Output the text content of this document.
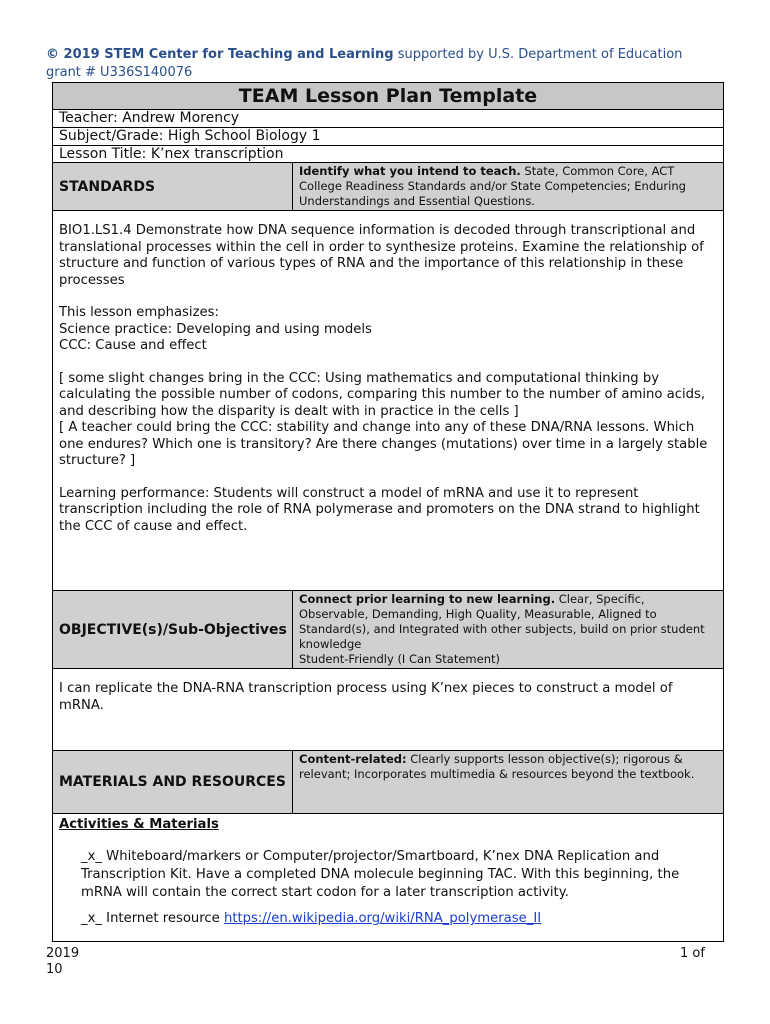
© 2019 STEM Center for Teaching and Learning supported by U.S. Department of Education grant # U336S140076
TEAM Lesson Plan Template
Teacher: Andrew Morency
Subject/Grade: High School Biology 1
Lesson Title: K’nex transcription
STANDARDS
Identify what you intend to teach. State, Common Core, ACT College Readiness Standards and/or State Competencies; Enduring Understandings and Essential Questions.

BIO1.LS1.4 Demonstrate how DNA sequence information is decoded through transcriptional and translational processes within the cell in order to synthesize proteins. Examine the relationship of structure and function of various types of RNA and the importance of this relationship in these processes

This lesson emphasizes:
Science practice: Developing and using models
CCC: Cause and effect

[ some slight changes bring in the CCC: Using mathematics and computational thinking by calculating the possible number of codons, comparing this number to the number of amino acids, and describing how the disparity is dealt with in practice in the cells ]
[ A teacher could bring the CCC: stability and change into any of these DNA/RNA lessons. Which one endures? Which one is transitory? Are there changes (mutations) over time in a largely stable structure? ]

Learning performance: Students will construct a model of mRNA and use it to represent transcription including the role of RNA polymerase and promoters on the DNA strand to highlight the CCC of cause and effect.

OBJECTIVE(s)/Sub-Objectives
Connect prior learning to new learning. Clear, Specific, Observable, Demanding, High Quality, Measurable, Aligned to Standard(s), and Integrated with other subjects, build on prior student knowledge
Student-Friendly (I Can Statement)
I can replicate the DNA-RNA transcription process using K’nex pieces to construct a model of mRNA.
MATERIALS AND RESOURCES
Content-related: Clearly supports lesson objective(s); rigorous & relevant; Incorporates multimedia & resources beyond the textbook.

Activities & Materials

_x_ Whiteboard/markers or Computer/projector/Smartboard, K’nex DNA Replication and Transcription Kit. Have a completed DNA molecule beginning TAC. With this beginning, the mRNA will contain the correct start codon for a later transcription activity.
_x_ Internet resource https://en.wikipedia.org/wiki/RNA_polymerase_II
2019
10
1 of
